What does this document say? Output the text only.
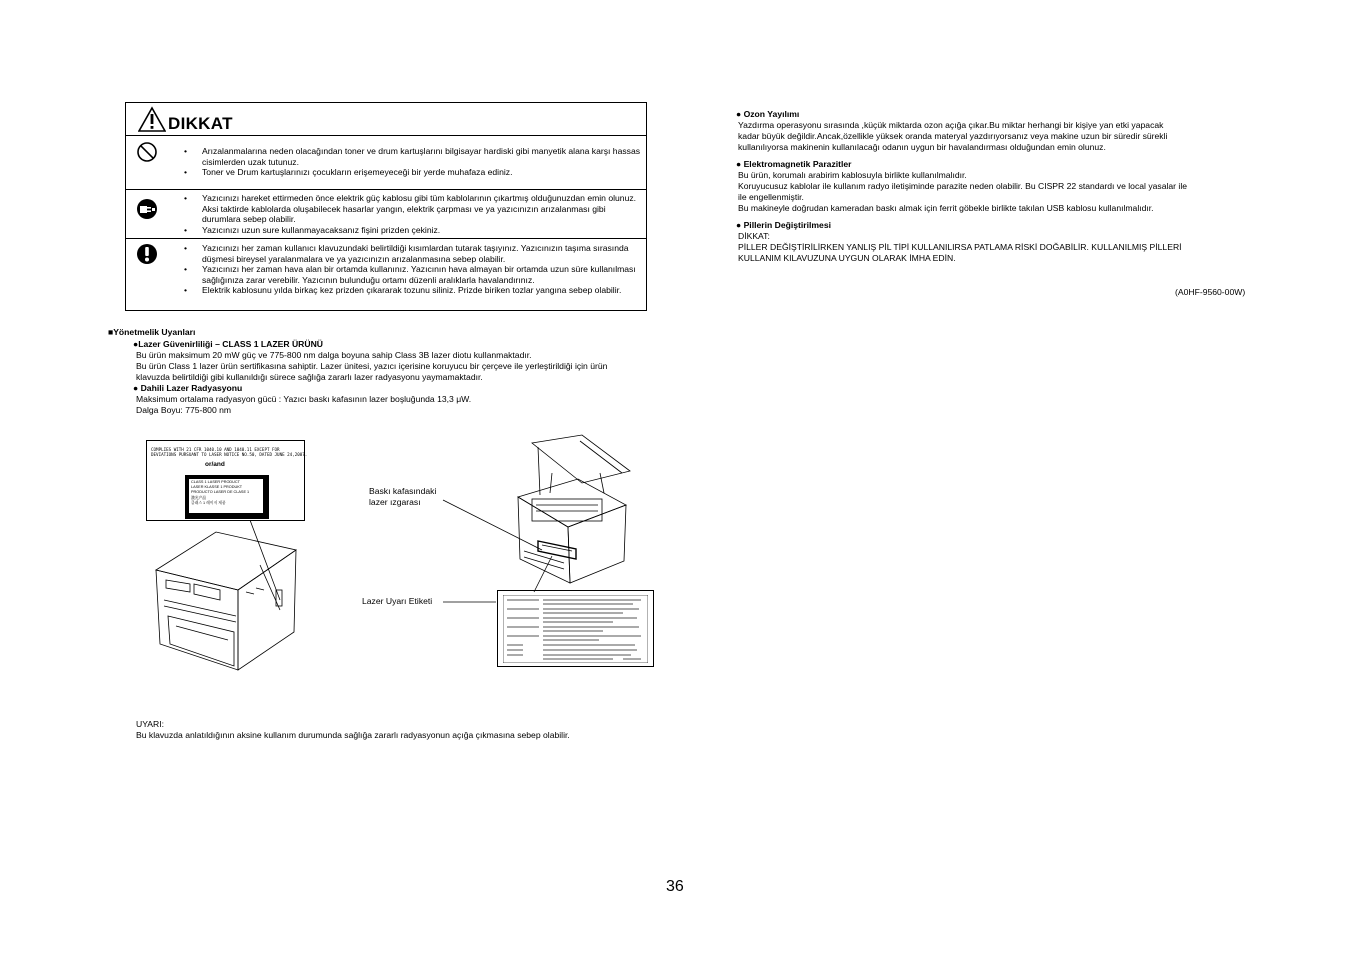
DIKKAT
• Arızalanmalarına neden olacağından toner ve drum kartuşlarını bilgisayar hardiski gibi manyetik alana karşı hassas cisimlerden uzak tutunuz.
• Toner ve Drum kartuşlarınızı çocukların erişemeyeceği bir yerde muhafaza ediniz.
• Yazıcınızı hareket ettirmeden önce elektrik güç kablosu gibi tüm kablolarının çıkartmış olduğunuzdan emin olunuz. Aksi taktirde kablolarda oluşabilecek hasarlar yangın, elektrik çarpması ve ya yazıcınızın arızalanması gibi durumlara sebep olabilir.
• Yazıcınızı uzun sure kullanmayacaksanız fişini prizden çekiniz.
• Yazıcınızı her zaman kullanıcı klavuzundaki belirtildiği kısımlardan tutarak taşıyınız. Yazıcınızın taşıma sırasında düşmesi bireysel yaralanmalara ve ya yazıcınızın arızalanmasına sebep olabilir.
• Yazıcınızı her zaman hava alan bir ortamda kullanınız. Yazıcının hava almayan bir ortamda uzun süre kullanılması sağlığınıza zarar verebilir. Yazıcının bulunduğu ortamı düzenli aralıklarla havalandırınız.
• Elektrik kablosunu yılda birkaç kez prizden çıkararak tozunu siliniz. Prizde biriken tozlar yangına sebep olabilir.
■Yönetmelik Uyanları
●Lazer Güvenirliliği – CLASS 1 LAZER ÜRÜNÜ
Bu ürün maksimum 20 mW güç ve 775-800 nm dalga boyuna sahip Class 3B lazer diotu kullanmaktadır.
Bu ürün Class 1 lazer ürün sertifikasına sahiptir. Lazer ünitesi, yazıcı içerisine koruyucu bir çerçeve ile yerleştirildiği için ürün
klavuzda belirtildiği gibi kullanıldığı sürece sağlığa zararlı lazer radyasyonu yaymamaktadır.
● Dahili Lazer Radyasyonu
Maksimum ortalama radyasyon gücü : Yazıcı baskı kafasının lazer boşluğunda 13,3 μW.
Dalga Boyu: 775-800 nm
COMPLIES WITH 21 CFR 1040.10 AND 1040.11 EXCEPT FOR
DEVIATIONS PURSUANT TO LASER NOTICE NO.50, DATED JUNE 24,2007.
or/and
CLASS 1 LASER PRODUCT
LASER KLASSE 1 PRODUKT
PRODUCTO LASER DE CLASE 1
激光产品
클래스 1 레이저 제품
Baskı kafasındaki
lazer ızgarası
Lazer Uyarı Etiketi
UYARI:
Bu klavuzda anlatıldığının aksine kullanım durumunda sağlığa zararlı radyasyonun açığa çıkmasına sebep olabilir.
● Ozon Yayılımı
Yazdırma operasyonu sırasında ,küçük miktarda ozon açığa çıkar.Bu miktar herhangi bir kişiye yan etki yapacak
kadar büyük değildir.Ancak,özellikle yüksek oranda materyal yazdırıyorsanız veya makine uzun bir süredir sürekli
kullanılıyorsa makinenin kullanılacağı odanın uygun bir havalandırması olduğundan emin olunuz.
● Elektromagnetik Parazitler
Bu ürün, korumalı arabirim kablosuyla birlikte kullanılmalıdır.
Koruyucusuz kablolar ile kullanım radyo iletişiminde parazite neden olabilir. Bu CISPR 22 standardı ve local yasalar ile
ile engellenmiştir.
Bu makineyle doğrudan kameradan baskı almak için ferrit göbekle birlikte takılan USB kablosu kullanılmalıdır.
● Pillerin Değiştirilmesi
DİKKAT:
PİLLER DEĞİŞTİRİLİRKEN YANLIŞ PİL TİPİ KULLANILIRSA PATLAMA RİSKİ DOĞABİLİR. KULLANILMIŞ PİLLERİ
KULLANIM KILAVUZUNA UYGUN OLARAK İMHA EDİN.
(A0HF-9560-00W)
36
